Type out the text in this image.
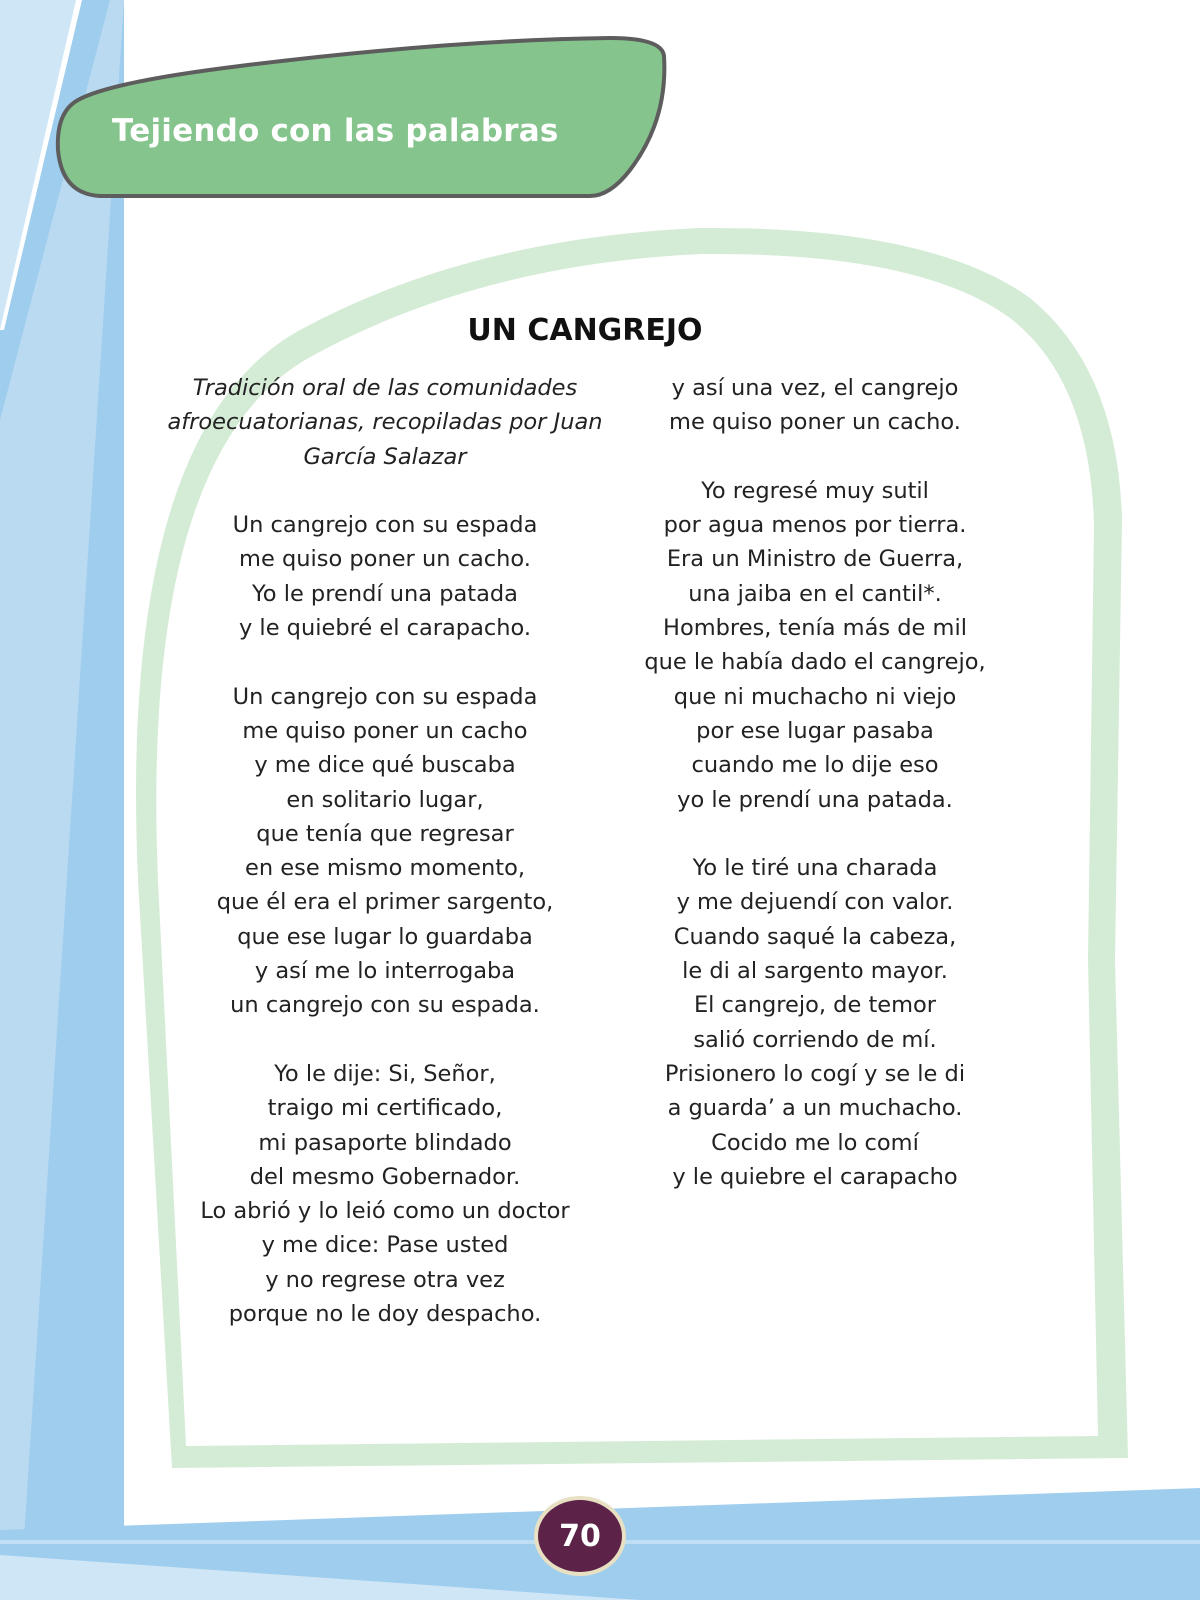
Tejiendo con las palabras
UN CANGREJO
Tradición oral de las comunidades
afroecuatorianas, recopiladas por Juan
García Salazar
Un cangrejo con su espada
me quiso poner un cacho.
Yo le prendí una patada
y le quiebré el carapacho.
Un cangrejo con su espada
me quiso poner un cacho
y me dice qué buscaba
en solitario lugar,
que tenía que regresar
en ese mismo momento,
que él era el primer sargento,
que ese lugar lo guardaba
y así me lo interrogaba
un cangrejo con su espada.
Yo le dije: Si, Señor,
traigo mi certificado,
mi pasaporte blindado
del mesmo Gobernador.
Lo abrió y lo leió como un doctor
y me dice: Pase usted
y no regrese otra vez
porque no le doy despacho.
y así una vez, el cangrejo
me quiso poner un cacho.
Yo regresé muy sutil
por agua menos por tierra.
Era un Ministro de Guerra,
una jaiba en el cantil*.
Hombres, tenía más de mil
que le había dado el cangrejo,
que ni muchacho ni viejo
por ese lugar pasaba
cuando me lo dije eso
yo le prendí una patada.
Yo le tiré una charada
y me dejuendí con valor.
Cuando saqué la cabeza,
le di al sargento mayor.
El cangrejo, de temor
salió corriendo de mí.
Prisionero lo cogí y se le di
a guarda’ a un muchacho.
Cocido me lo comí
y le quiebre el carapacho
70
